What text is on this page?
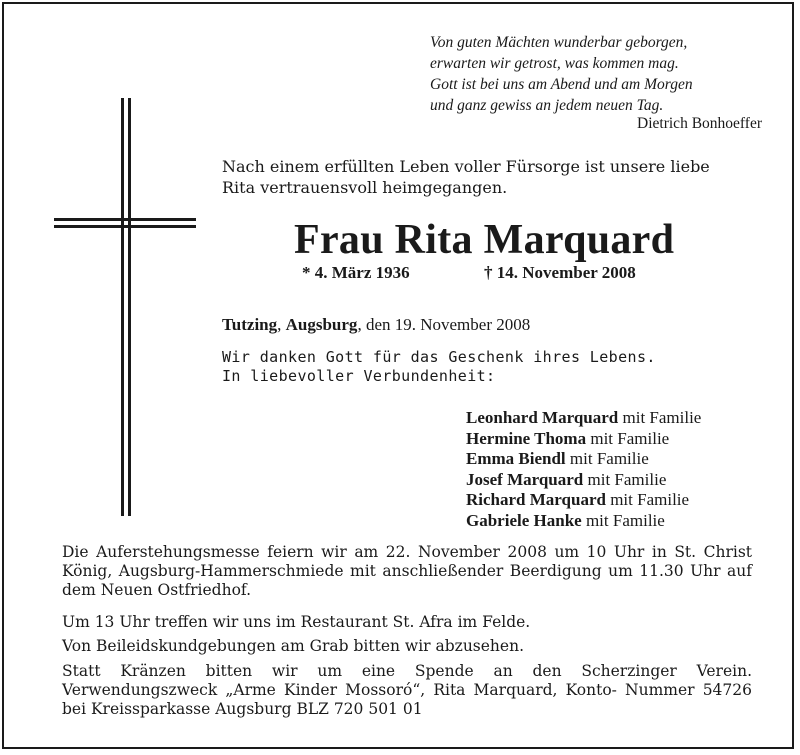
Von guten Mächten wunderbar geborgen,
erwarten wir getrost, was kommen mag.
Gott ist bei uns am Abend und am Morgen
und ganz gewiss an jedem neuen Tag.
Dietrich Bonhoeffer
Nach einem erfüllten Leben voller Fürsorge ist unsere liebe
Rita vertrauensvoll heimgegangen.
Frau Rita Marquard
* 4. März 1936	† 14. November 2008
Tutzing, Augsburg, den 19. November 2008
Wir danken Gott für das Geschenk ihres Lebens.
In liebevoller Verbundenheit:
Leonhard Marquard mit Familie
Hermine Thoma mit Familie
Emma Biendl mit Familie
Josef Marquard mit Familie
Richard Marquard mit Familie
Gabriele Hanke mit Familie
Die Auferstehungsmesse feiern wir am 22. November 2008 um 10 Uhr in St. Christ König, Augsburg-Hammerschmiede mit anschließender Beerdigung um 11.30 Uhr auf dem Neuen Ostfriedhof.
Um 13 Uhr treffen wir uns im Restaurant St. Afra im Felde.
Von Beileidskundgebungen am Grab bitten wir abzusehen.
Statt Kränzen bitten wir um eine Spende an den Scherzinger Verein. Verwendungszweck „Arme Kinder Mossoró“, Rita Marquard, Konto- Nummer 54726 bei Kreissparkasse Augsburg BLZ 720 501 01
